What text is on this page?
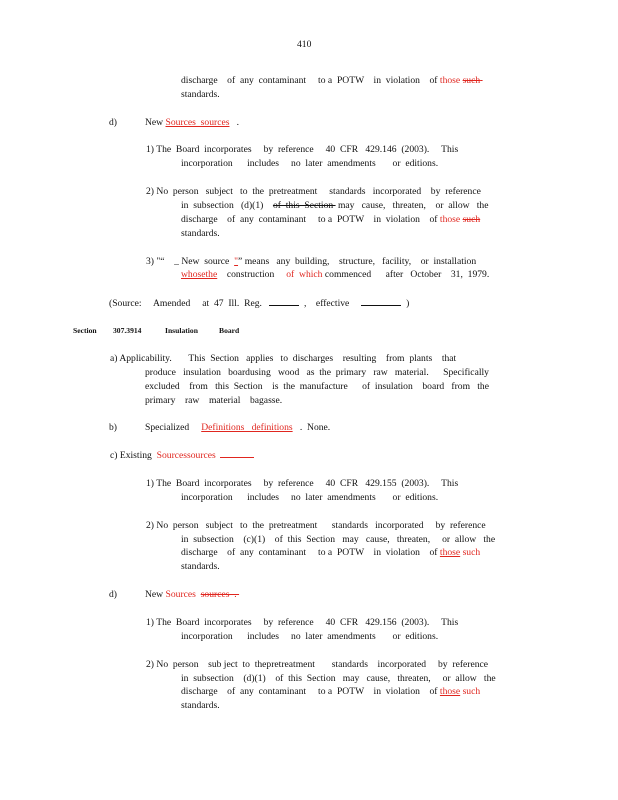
410
discharge    of  any  contaminant     to a  POTW    in  violation    of those such
standards.
d)	New Sources  sources   .
1) The  Board  incorporates     by  reference     40  CFR   429.146  (2003).     This
incorporation      includes     no  later  amendments       or  editions.
2) No  person   subject   to  the  pretreatment     standards   incorporated    by  reference
in  subsection   (d)(1)    of  this  Section  may   cause,   threaten,    or  allow   the
discharge    of  any  contaminant     to a  POTW    in  violation    of those such
standards.
3) "“    _ New  source  "” means   any  building,    structure,   facility,    or  installation
whosethe    construction     of  which commenced      after   October    31,  1979.
(Source:     Amended     at  47  Ill.  Reg.	,    effective	)
Section 307.3914	Insulation	Board
a) Applicability.       This  Section   applies   to  discharges    resulting    from  plants    that
produce   insulation   boardusing   wood   as  the  primary   raw   material.      Specifically
excluded    from   this  Section    is  the  manufacture      of  insulation    board   from   the
primary    raw    material    bagasse.
b)	Specialized     Definitions   definitions   .  None.
c) Existing  Sourcessources
1) The  Board  incorporates     by  reference     40  CFR   429.155  (2003).     This
incorporation      includes     no  later  amendments       or  editions.
2) No  person   subject   to  the  pretreatment      standards   incorporated     by  reference
in  subsection    (c)(1)    of  this  Section   may   cause,   threaten,     or  allow   the
discharge    of  any  contaminant     to a  POTW    in  violation    of those such
standards.
d)	New Sources sources  .
1) The  Board  incorporates     by  reference     40  CFR   429.156  (2003).     This
incorporation      includes     no  later  amendments       or  editions.
2) No  person    sub ject  to  thepretreatment       standards    incorporated     by  reference
in  subsection    (d)(1)    of  this  Section   may   cause,   threaten,     or  allow   the
discharge    of  any  contaminant     to a  POTW    in  violation    of those such
standards.
